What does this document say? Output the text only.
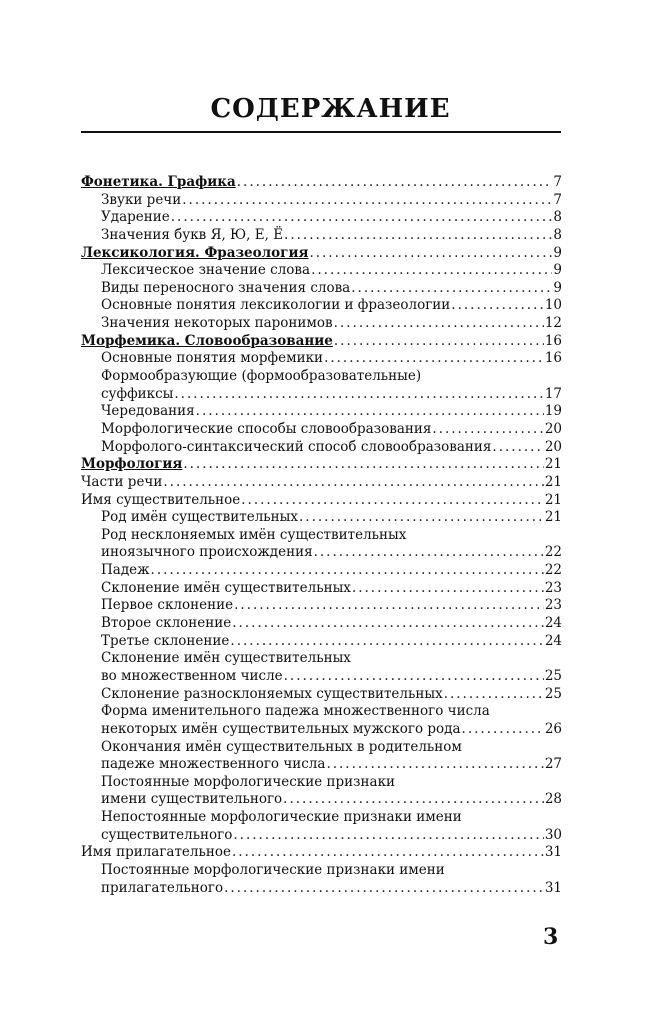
СОДЕРЖАНИЕ
Фонетика. Графика .....	7
Звуки речи .....	7
Ударение .....	8
Значения букв Я, Ю, Е, Ё .....	8
Лексикология. Фразеология .....	9
Лексическое значение слова .....	9
Виды переносного значения слова .....	9
Основные понятия лексикологии и фразеологии .....	10
Значения некоторых паронимов .....	12
Морфемика. Словообразование .....	16
Основные понятия морфемики .....	16
Формообразующие (формообразовательные)
суффиксы .....	17
Чередования .....	19
Морфологические способы словообразования .....	20
Морфолого-синтаксический способ словообразования .....	20
Морфология .....	21
Части речи .....	21
Имя существительное .....	21
Род имён существительных .....	21
Род несклоняемых имён существительных
иноязычного происхождения .....	22
Падеж .....	22
Склонение имён существительных .....	23
Первое склонение .....	23
Второе склонение .....	24
Третье склонение .....	24
Склонение имён существительных
во множественном числе .....	25
Склонение разносклоняемых существительных .....	25
Форма именительного падежа множественного числа
некоторых имён существительных мужского рода .....	26
Окончания имён существительных в родительном
падеже множественного числа .....	27
Постоянные морфологические признаки
имени существительного .....	28
Непостоянные морфологические признаки имени
существительного .....	30
Имя прилагательное .....	31
Постоянные морфологические признаки имени
прилагательного .....	31
3
